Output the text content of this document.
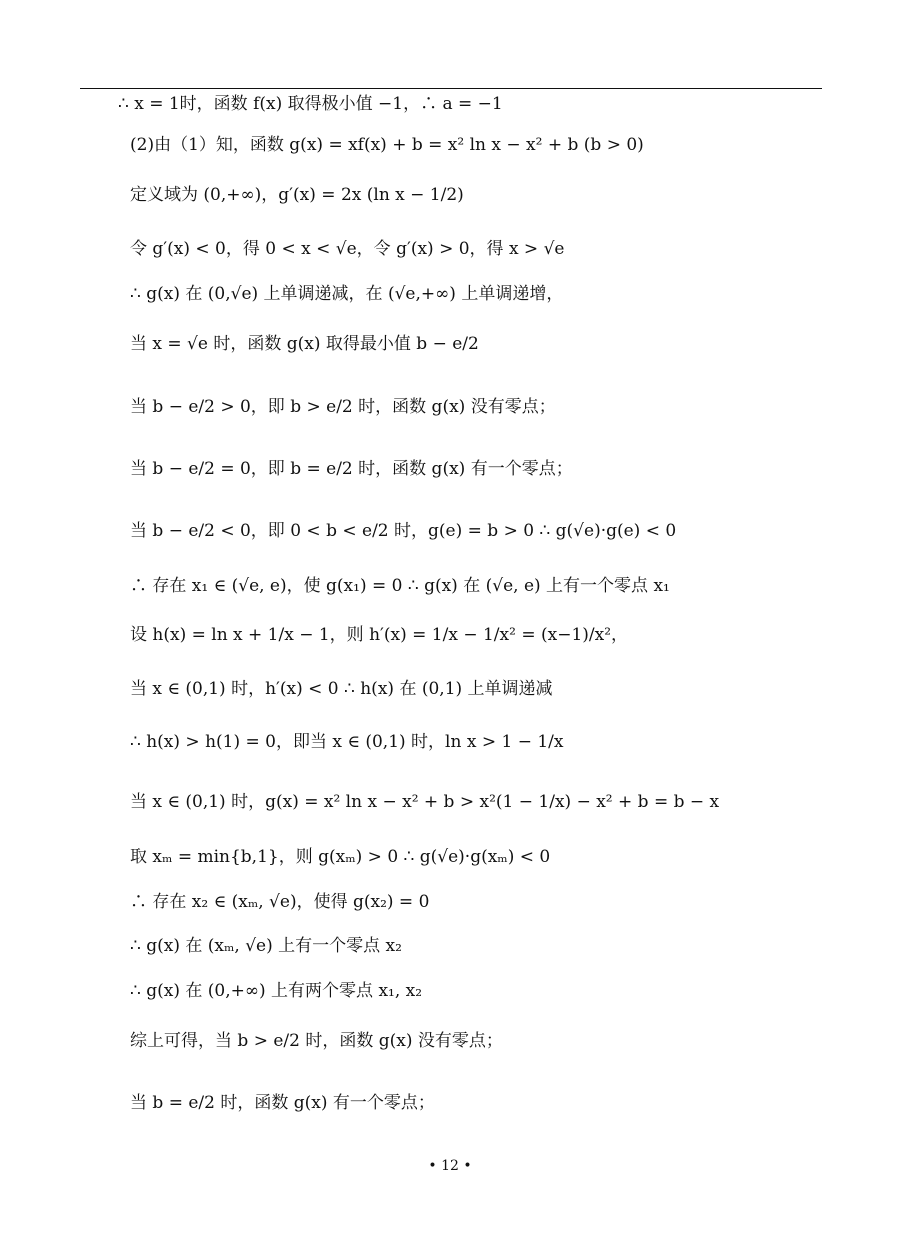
∴ x = 1时，函数 f(x) 取得极小值 −1，∴ a = −1
(2)由（1）知，函数 g(x) = xf(x) + b = x² ln x − x² + b (b > 0)
定义域为 (0,+∞)，g′(x) = 2x (ln x − 1/2)
令 g′(x) < 0，得 0 < x < √e，令 g′(x) > 0，得 x > √e
∴ g(x) 在 (0,√e) 上单调递减，在 (√e,+∞) 上单调递增，
当 x = √e 时，函数 g(x) 取得最小值 b − e/2
当 b − e/2 > 0，即 b > e/2 时，函数 g(x) 没有零点；
当 b − e/2 = 0，即 b = e/2 时，函数 g(x) 有一个零点；
当 b − e/2 < 0，即 0 < b < e/2 时，g(e) = b > 0 ∴ g(√e)·g(e) < 0
∴ 存在 x₁ ∈ (√e, e)，使 g(x₁) = 0 ∴ g(x) 在 (√e, e) 上有一个零点 x₁
设 h(x) = ln x + 1/x − 1，则 h′(x) = 1/x − 1/x² = (x−1)/x²，
当 x ∈ (0,1) 时，h′(x) < 0 ∴ h(x) 在 (0,1) 上单调递减
∴ h(x) > h(1) = 0，即当 x ∈ (0,1) 时，ln x > 1 − 1/x
当 x ∈ (0,1) 时，g(x) = x² ln x − x² + b > x²(1 − 1/x) − x² + b = b − x
取 xₘ = min{b,1}，则 g(xₘ) > 0 ∴ g(√e)·g(xₘ) < 0
∴ 存在 x₂ ∈ (xₘ, √e)，使得 g(x₂) = 0
∴ g(x) 在 (xₘ, √e) 上有一个零点 x₂
∴ g(x) 在 (0,+∞) 上有两个零点 x₁, x₂
综上可得，当 b > e/2 时，函数 g(x) 没有零点；
当 b = e/2 时，函数 g(x) 有一个零点；
• 12 •
